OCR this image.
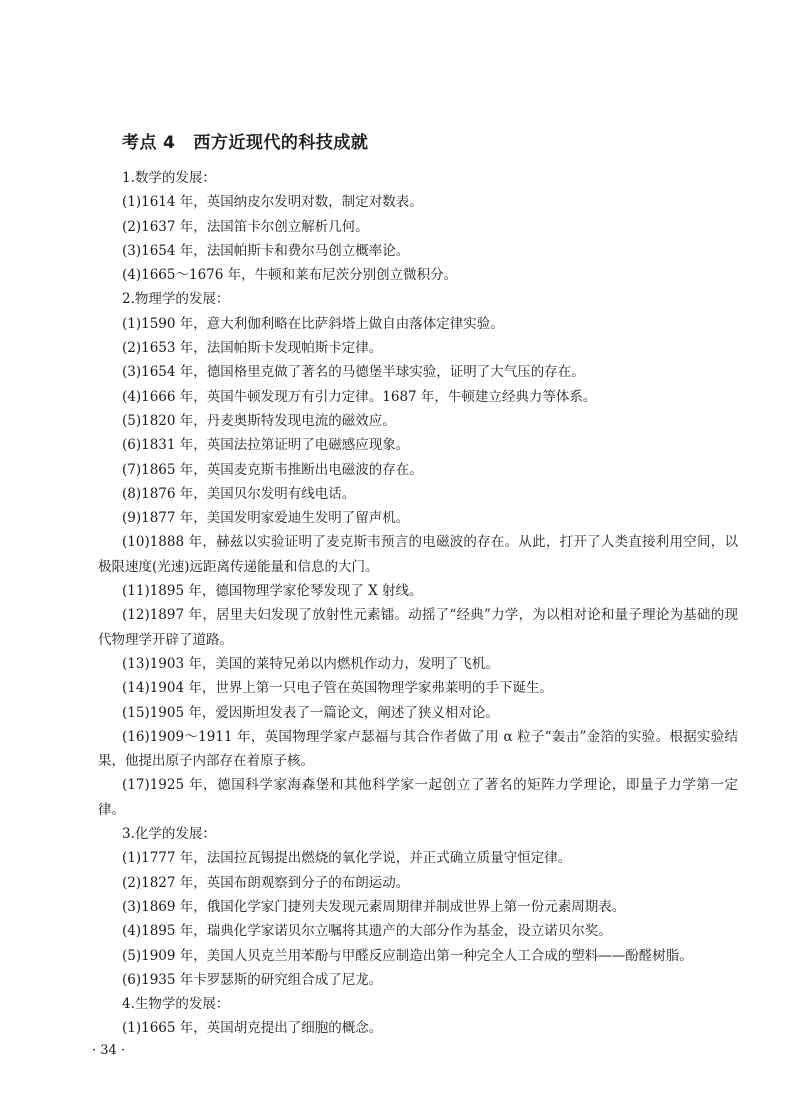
考点 4 西方近现代的科技成就
1.数学的发展：
(1)1614 年，英国纳皮尔发明对数，制定对数表。
(2)1637 年，法国笛卡尔创立解析几何。
(3)1654 年，法国帕斯卡和费尔马创立概率论。
(4)1665～1676 年，牛顿和莱布尼茨分别创立微积分。
2.物理学的发展：
(1)1590 年，意大利伽利略在比萨斜塔上做自由落体定律实验。
(2)1653 年，法国帕斯卡发现帕斯卡定律。
(3)1654 年，德国格里克做了著名的马德堡半球实验，证明了大气压的存在。
(4)1666 年，英国牛顿发现万有引力定律。1687 年，牛顿建立经典力等体系。
(5)1820 年，丹麦奥斯特发现电流的磁效应。
(6)1831 年，英国法拉第证明了电磁感应现象。
(7)1865 年，英国麦克斯韦推断出电磁波的存在。
(8)1876 年，美国贝尔发明有线电话。
(9)1877 年，美国发明家爱迪生发明了留声机。
(10)1888 年，赫兹以实验证明了麦克斯韦预言的电磁波的存在。从此，打开了人类直接利用空间，以极限速度(光速)远距离传递能量和信息的大门。
(11)1895 年，德国物理学家伦琴发现了 X 射线。
(12)1897 年，居里夫妇发现了放射性元素镭。动摇了“经典”力学，为以相对论和量子理论为基础的现代物理学开辟了道路。
(13)1903 年，美国的莱特兄弟以内燃机作动力，发明了飞机。
(14)1904 年，世界上第一只电子管在英国物理学家弗莱明的手下诞生。
(15)1905 年，爱因斯坦发表了一篇论文，阐述了狭义相对论。
(16)1909～1911 年，英国物理学家卢瑟福与其合作者做了用 α 粒子“轰击”金箔的实验。根据实验结果，他提出原子内部存在着原子核。
(17)1925 年，德国科学家海森堡和其他科学家一起创立了著名的矩阵力学理论，即量子力学第一定律。
3.化学的发展：
(1)1777 年，法国拉瓦锡提出燃烧的氧化学说，并正式确立质量守恒定律。
(2)1827 年，英国布朗观察到分子的布朗运动。
(3)1869 年，俄国化学家门捷列夫发现元素周期律并制成世界上第一份元素周期表。
(4)1895 年，瑞典化学家诺贝尔立嘱将其遗产的大部分作为基金，设立诺贝尔奖。
(5)1909 年，美国人贝克兰用苯酚与甲醛反应制造出第一种完全人工合成的塑料——酚醛树脂。
(6)1935 年卡罗瑟斯的研究组合成了尼龙。
4.生物学的发展：
(1)1665 年，英国胡克提出了细胞的概念。
· 34 ·
